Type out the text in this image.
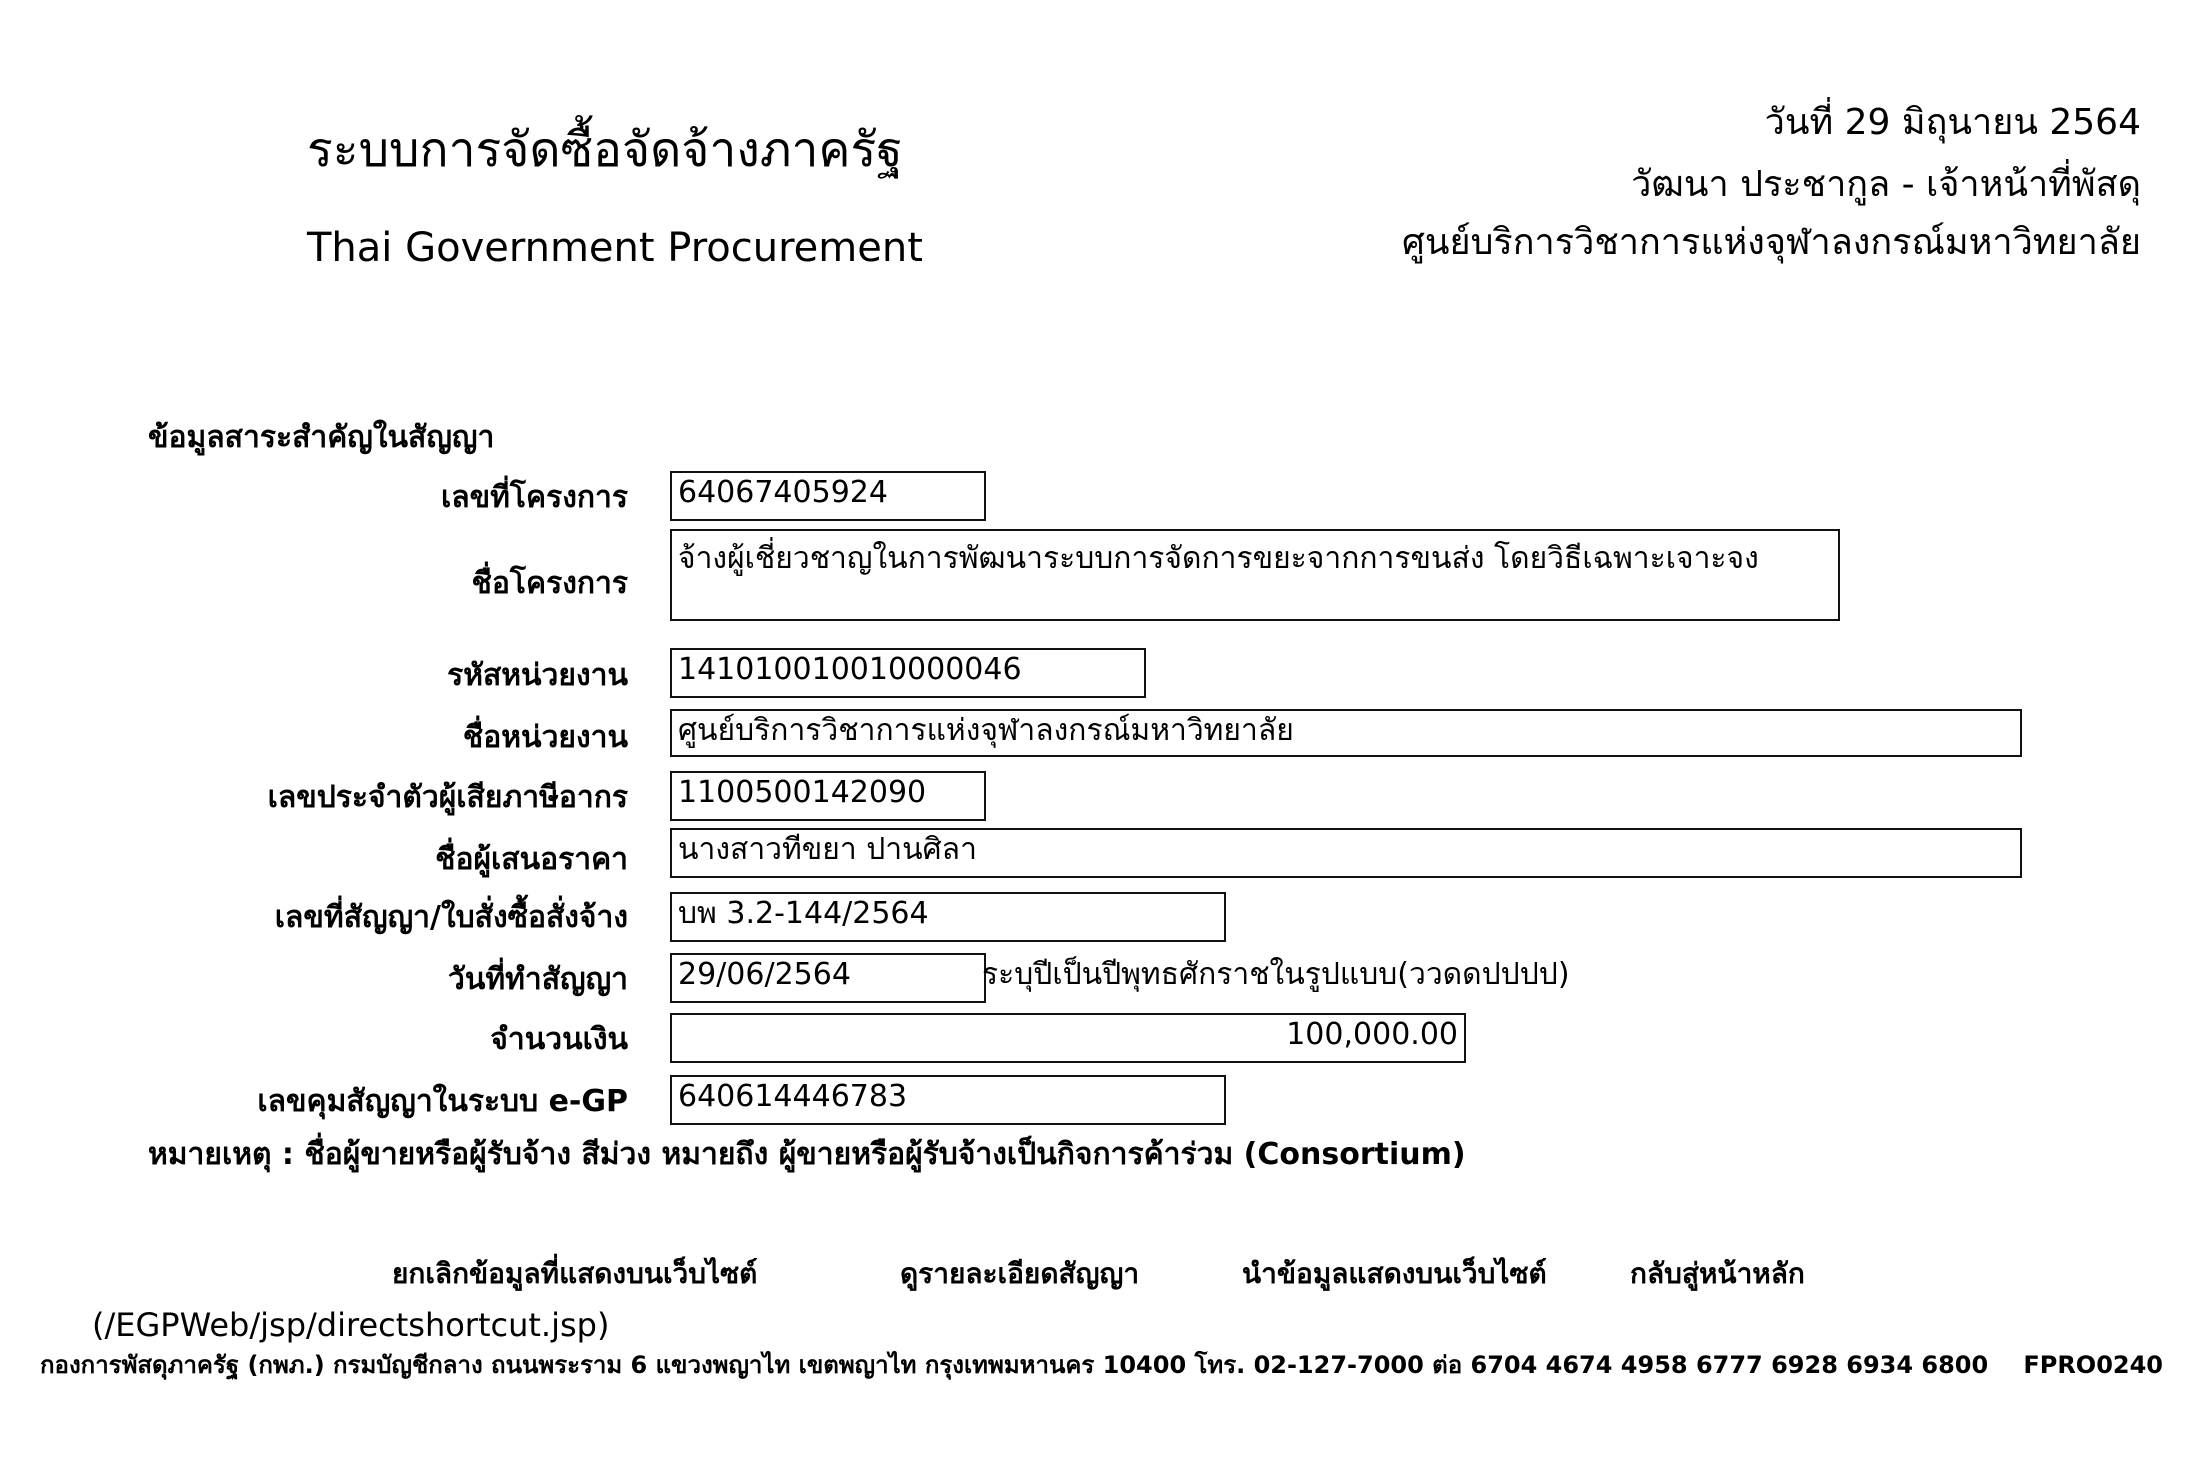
ระบบการจัดซื้อจัดจ้างภาครัฐ
Thai Government Procurement
วันที่ 29 มิถุนายน 2564
วัฒนา ประชากูล - เจ้าหน้าที่พัสดุ
ศูนย์บริการวิชาการแห่งจุฬาลงกรณ์มหาวิทยาลัย
ข้อมูลสาระสำคัญในสัญญา
เลขที่โครงการ 64067405924
ชื่อโครงการ
จ้างผู้เชี่ยวชาญในการพัฒนาระบบการจัดการขยะจากการขนส่ง โดยวิธีเฉพาะเจาะจง
รหัสหน่วยงาน 141010010010000046
ชื่อหน่วยงาน ศูนย์บริการวิชาการแห่งจุฬาลงกรณ์มหาวิทยาลัย
เลขประจำตัวผู้เสียภาษีอากร 1100500142090
ชื่อผู้เสนอราคา นางสาวทีขยา ปานศิลา
เลขที่สัญญา/ใบสั่งซื้อสั่งจ้าง บพ 3.2-144/2564
วันที่ทำสัญญา 29/06/2564	ระบุปีเป็นปีพุทธศักราชในรูปแบบ(ววดดปปปป)
จำนวนเงิน	100,000.00
เลขคุมสัญญาในระบบ e-GP 640614446783
หมายเหตุ : ชื่อผู้ขายหรือผู้รับจ้าง สีม่วง หมายถึง ผู้ขายหรือผู้รับจ้างเป็นกิจการค้าร่วม (Consortium)
ยกเลิกข้อมูลที่แสดงบนเว็บไซต์	ดูรายละเอียดสัญญา	นำข้อมูลแสดงบนเว็บไซต์	กลับสู่หน้าหลัก
(/EGPWeb/jsp/directshortcut.jsp)
กองการพัสดุภาครัฐ (กพภ.) กรมบัญชีกลาง ถนนพระราม 6 แขวงพญาไท เขตพญาไท กรุงเทพมหานคร 10400 โทร. 02-127-7000 ต่อ 6704 4674 4958 6777 6928 6934 6800 FPRO0240
